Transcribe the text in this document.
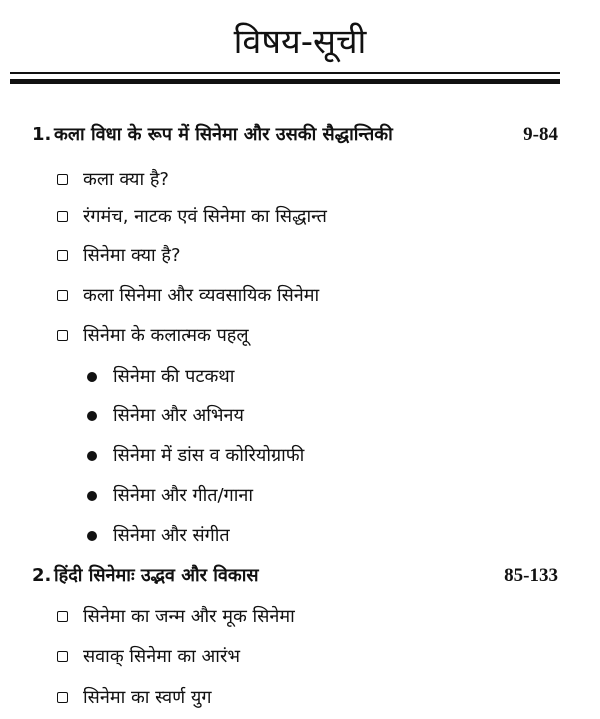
विषय-सूची
1. कला विधा के रूप में सिनेमा और उसकी सैद्धान्तिकी	9-84
कला क्या है?
रंगमंच, नाटक एवं सिनेमा का सिद्धान्त
सिनेमा क्या है?
कला सिनेमा और व्यवसायिक सिनेमा
सिनेमा के कलात्मक पहलू
सिनेमा की पटकथा
सिनेमा और अभिनय
सिनेमा में डांस व कोरियोग्राफी
सिनेमा और गीत/गाना
सिनेमा और संगीत
2. हिंदी सिनेमाः उद्भव और विकास	85-133
सिनेमा का जन्म और मूक सिनेमा
सवाक् सिनेमा का आरंभ
सिनेमा का स्वर्ण युग
